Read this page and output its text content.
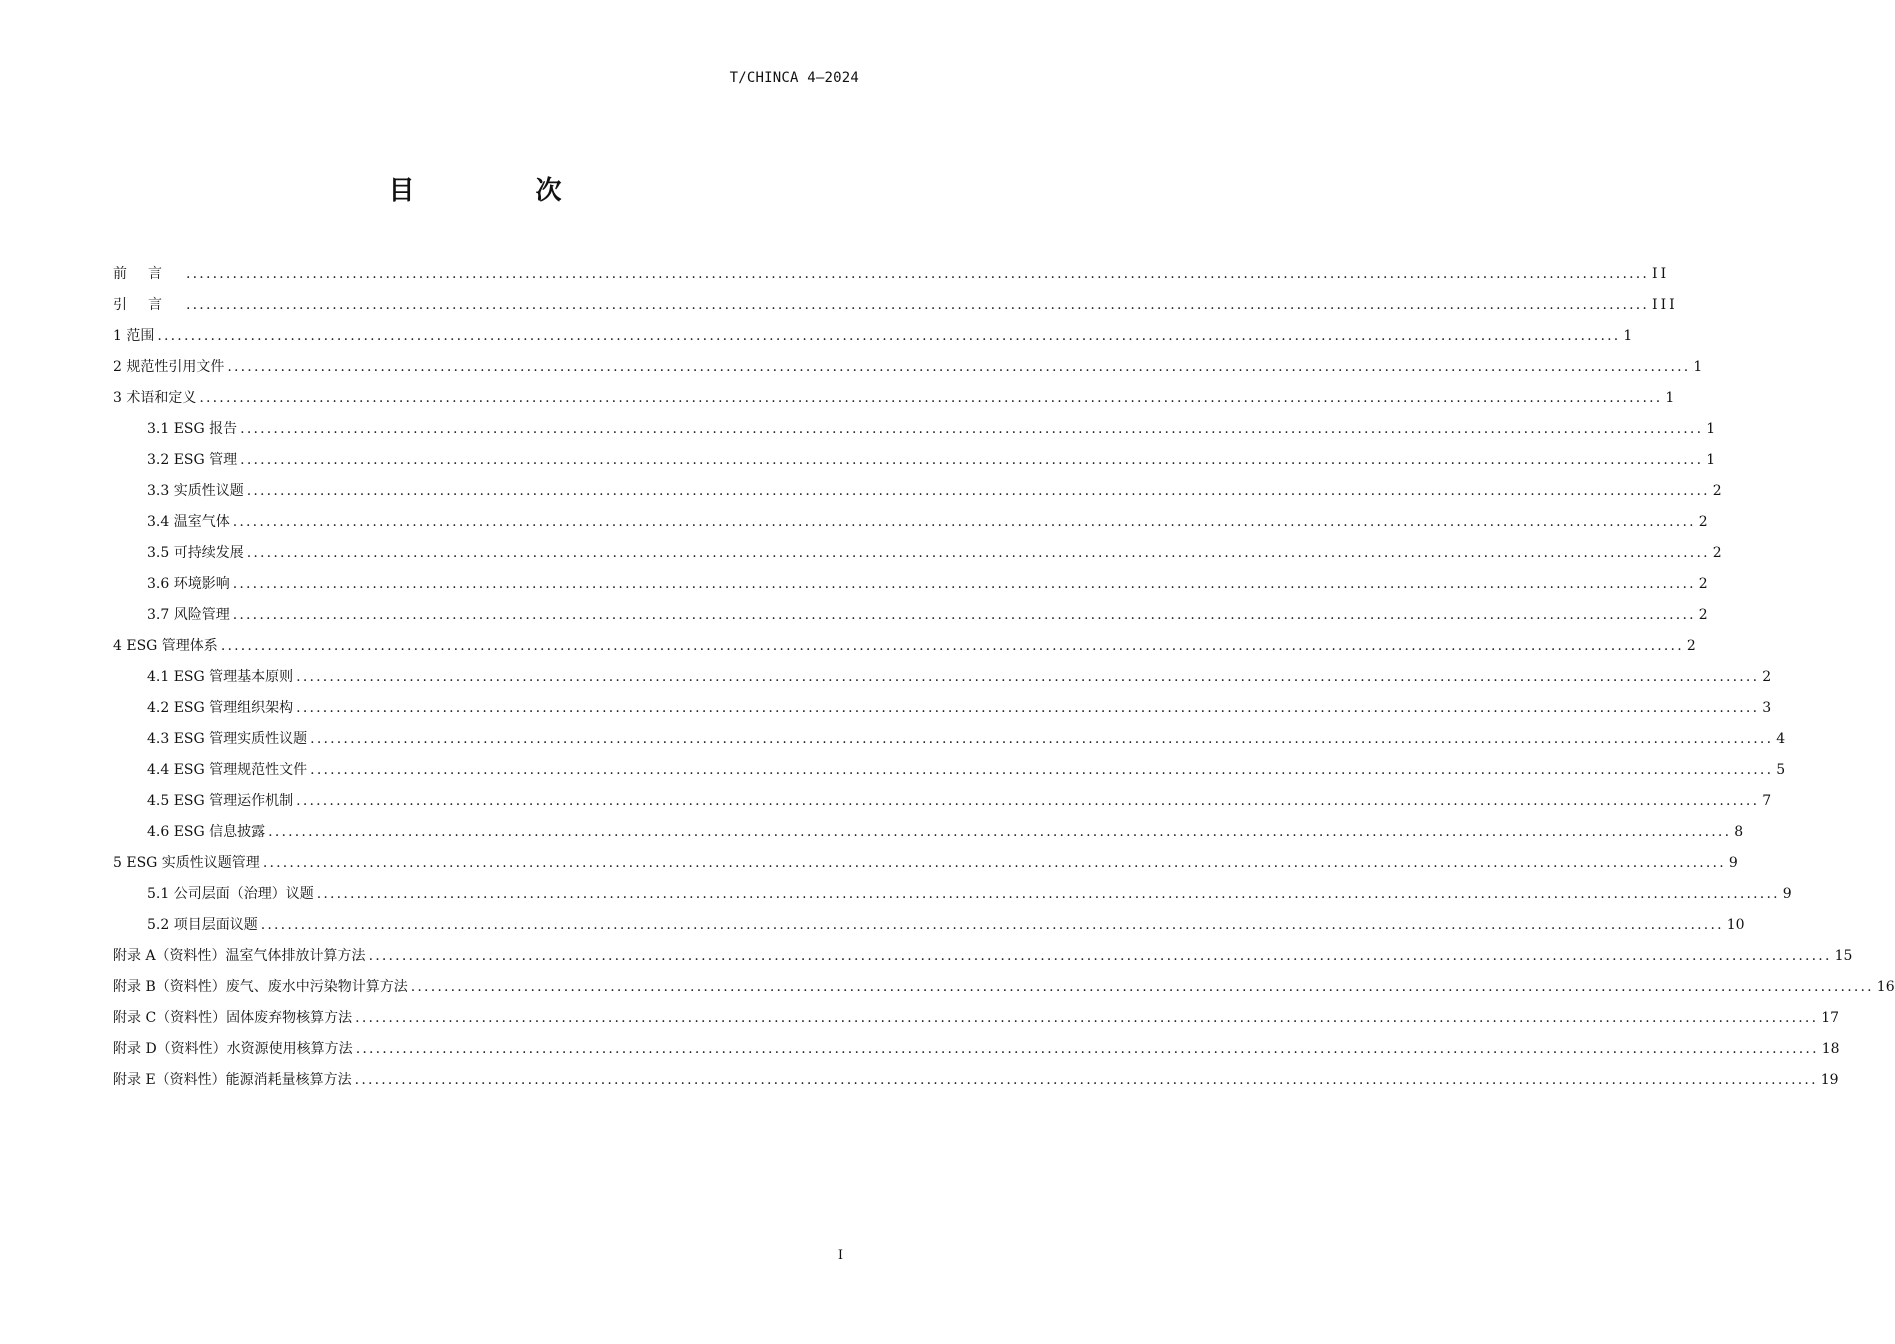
T/CHINCA 4—2024
目 次
前言 ............................................................................................................................................................................................................................ II
引言 ............................................................................................................................................................................................................................ III
1 范围 ............................................................................................................................................................................................................................ 1
2 规范性引用文件 ............................................................................................................................................................................................................................ 1
3 术语和定义 ............................................................................................................................................................................................................................ 1
3.1 ESG 报告 ............................................................................................................................................................................................................................ 1
3.2 ESG 管理 ............................................................................................................................................................................................................................ 1
3.3 实质性议题 ............................................................................................................................................................................................................................ 2
3.4 温室气体 ............................................................................................................................................................................................................................ 2
3.5 可持续发展 ............................................................................................................................................................................................................................ 2
3.6 环境影响 ............................................................................................................................................................................................................................ 2
3.7 风险管理 ............................................................................................................................................................................................................................ 2
4 ESG 管理体系 ............................................................................................................................................................................................................................ 2
4.1 ESG 管理基本原则 ............................................................................................................................................................................................................................ 2
4.2 ESG 管理组织架构 ............................................................................................................................................................................................................................ 3
4.3 ESG 管理实质性议题 ............................................................................................................................................................................................................................ 4
4.4 ESG 管理规范性文件 ............................................................................................................................................................................................................................ 5
4.5 ESG 管理运作机制 ............................................................................................................................................................................................................................ 7
4.6 ESG 信息披露 ............................................................................................................................................................................................................................ 8
5 ESG 实质性议题管理 ............................................................................................................................................................................................................................ 9
5.1 公司层面（治理）议题 ............................................................................................................................................................................................................................ 9
5.2 项目层面议题 ............................................................................................................................................................................................................................ 10
附录 A（资料性）温室气体排放计算方法 ............................................................................................................................................................................................................................ 15
附录 B（资料性）废气、废水中污染物计算方法 ............................................................................................................................................................................................................................ 16
附录 C（资料性）固体废弃物核算方法 ............................................................................................................................................................................................................................ 17
附录 D（资料性）水资源使用核算方法 ............................................................................................................................................................................................................................ 18
附录 E（资料性）能源消耗量核算方法 ............................................................................................................................................................................................................................ 19
I
